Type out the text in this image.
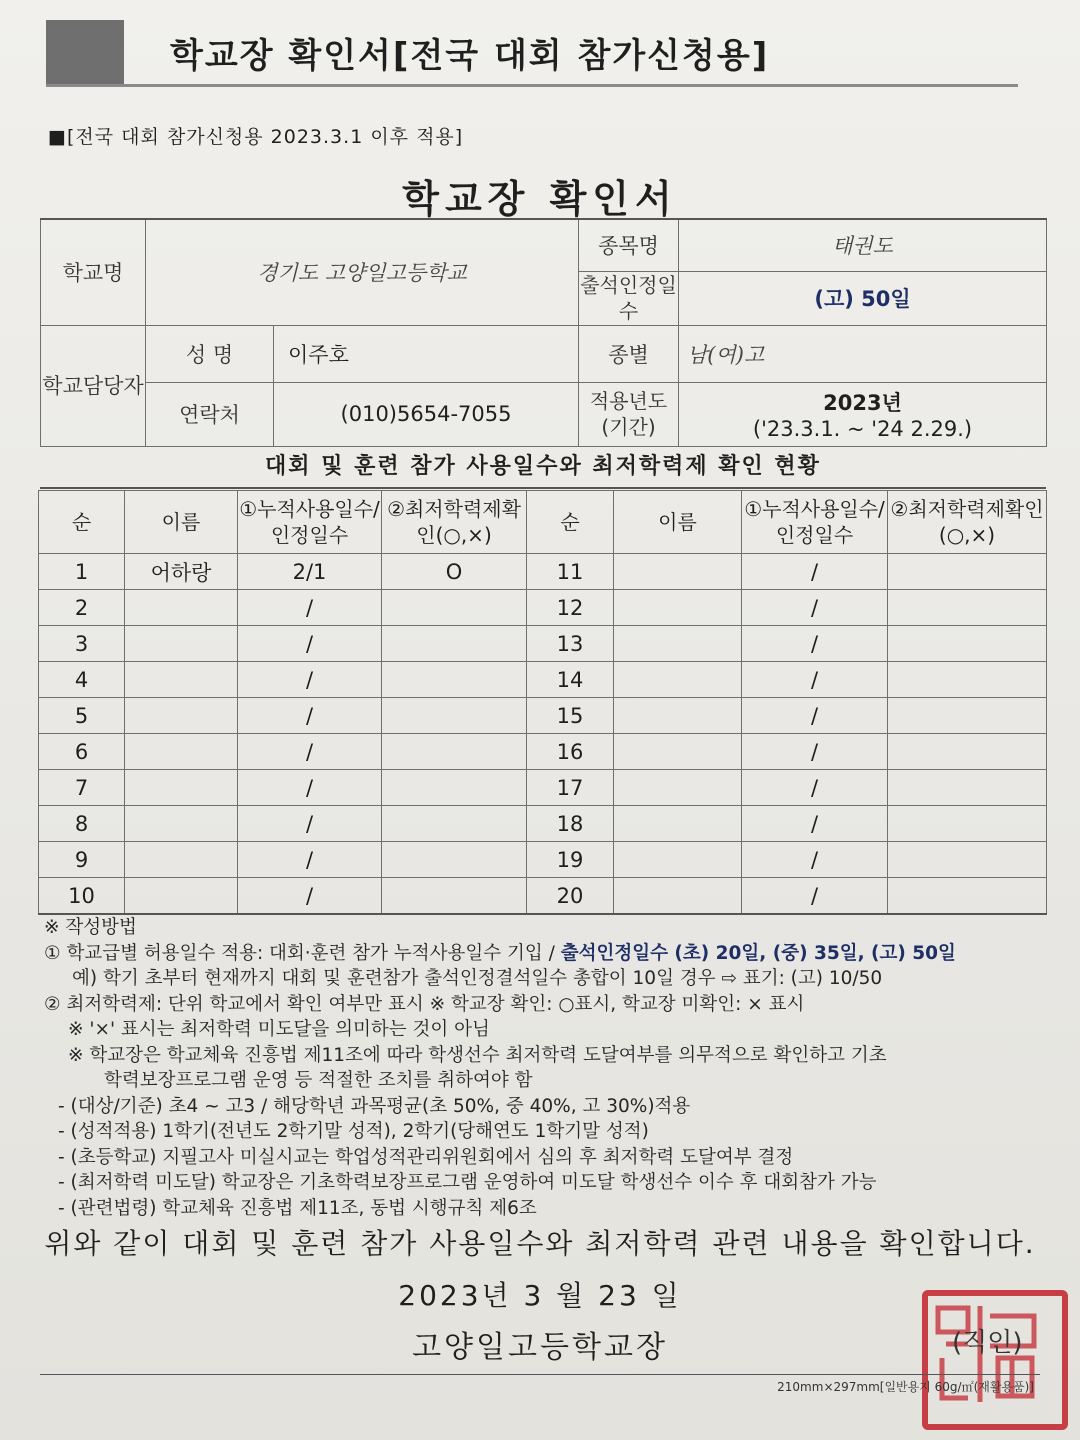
학교장 확인서[전국 대회 참가신청용]
■[전국 대회 참가신청용 2023.3.1 이후 적용]
학교장 확인서
학교명	경기도 고양일고등학교		종목명	태권도
			출석인정일수	(고) 50일
학교담당자	성 명	이주호	종별	남(여)고
	연락처	(010)5654-7055	적용년도(기간)	2023년
('23.3.1. ~ '24 2.29.)
대회 및 훈련 참가 사용일수와 최저학력제 확인 현황
순	이름	①누적사용일수/인정일수	②최저학력제확인(○,×)	순	이름	①누적사용일수/인정일수	②최저학력제확인(○,×)
1	어하랑	2/1	O	11		/	
2		/		12		/	
3		/		13		/	
4		/		14		/	
5		/		15		/	
6		/		16		/	
7		/		17		/	
8		/		18		/	
9		/		19		/	
10		/		20		/	
※ 작성방법
① 학교급별 허용일수 적용: 대회·훈련 참가 누적사용일수 기입 / 출석인정일수 (초) 20일, (중) 35일, (고) 50일
예) 학기 초부터 현재까지 대회 및 훈련참가 출석인정결석일수 총합이 10일 경우 ⇨ 표기: (고) 10/50
② 최저학력제: 단위 학교에서 확인 여부만 표시 ※ 학교장 확인: ○표시, 학교장 미확인: × 표시
※ '×' 표시는 최저학력 미도달을 의미하는 것이 아님
※ 학교장은 학교체육 진흥법 제11조에 따라 학생선수 최저학력 도달여부를 의무적으로 확인하고 기초
학력보장프로그램 운영 등 적절한 조치를 취하여야 함
- (대상/기준) 초4 ~ 고3 / 해당학년 과목평균(초 50%, 중 40%, 고 30%)적용
- (성적적용) 1학기(전년도 2학기말 성적), 2학기(당해연도 1학기말 성적)
- (초등학교) 지필고사 미실시교는 학업성적관리위원회에서 심의 후 최저학력 도달여부 결정
- (최저학력 미도달) 학교장은 기초학력보장프로그램 운영하여 미도달 학생선수 이수 후 대회참가 가능
- (관련법령) 학교체육 진흥법 제11조, 동법 시행규칙 제6조
위와 같이 대회 및 훈련 참가 사용일수와 최저학력 관련 내용을 확인합니다.
2023년 3 월 23 일
고양일고등학교장	(직인)
210mm×297mm[일반용지 60g/㎡(재활용품)]
